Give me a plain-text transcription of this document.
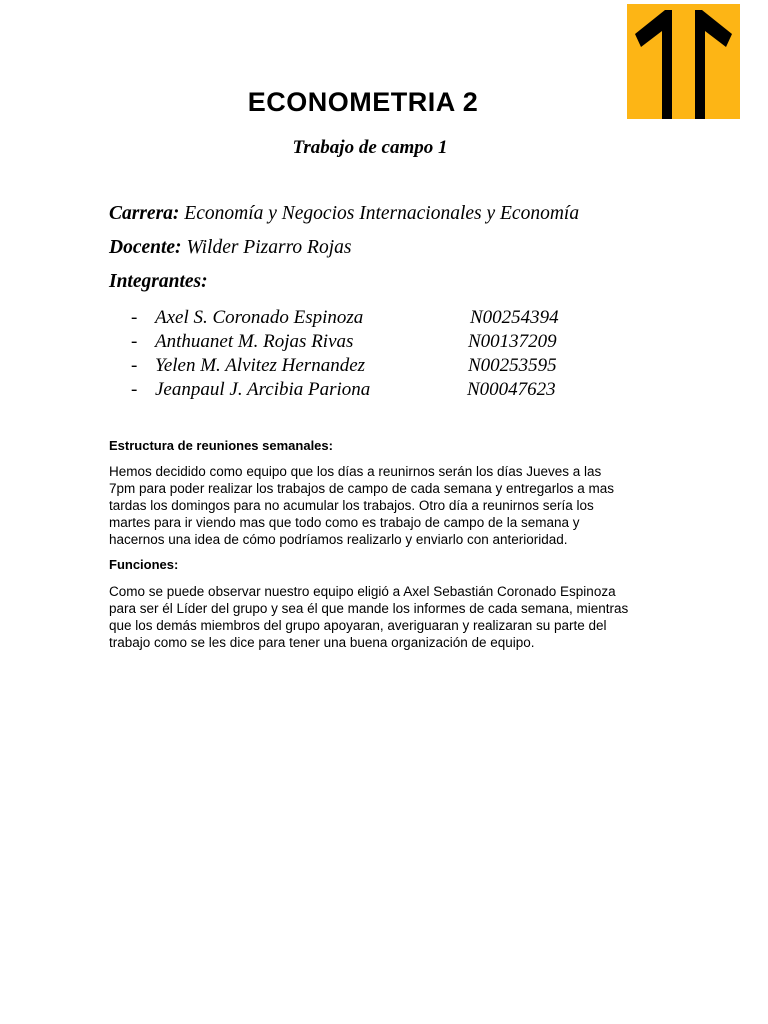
ECONOMETRIA 2
Trabajo de campo 1

Carrera: Economía y Negocios Internacionales y Economía

Docente: Wilder Pizarro Rojas

Integrantes:

- Axel S. Coronado Espinoza	N00254394
- Anthuanet M. Rojas Rivas	N00137209
- Yelen M. Alvitez Hernandez	N00253595
- Jeanpaul J. Arcibia Pariona	N00047623
Estructura de reuniones semanales:
Hemos decidido como equipo que los días a reunirnos serán los días Jueves a las
7pm para poder realizar los trabajos de campo de cada semana y entregarlos a mas
tardas los domingos para no acumular los trabajos. Otro día a reunirnos sería los
martes para ir viendo mas que todo como es trabajo de campo de la semana y
hacernos una idea de cómo podríamos realizarlo y enviarlo con anterioridad.
Funciones:
Como se puede observar nuestro equipo eligió a Axel Sebastián Coronado Espinoza
para ser él Líder del grupo y sea él que mande los informes de cada semana, mientras
que los demás miembros del grupo apoyaran, averiguaran y realizaran su parte del
trabajo como se les dice para tener una buena organización de equipo.
